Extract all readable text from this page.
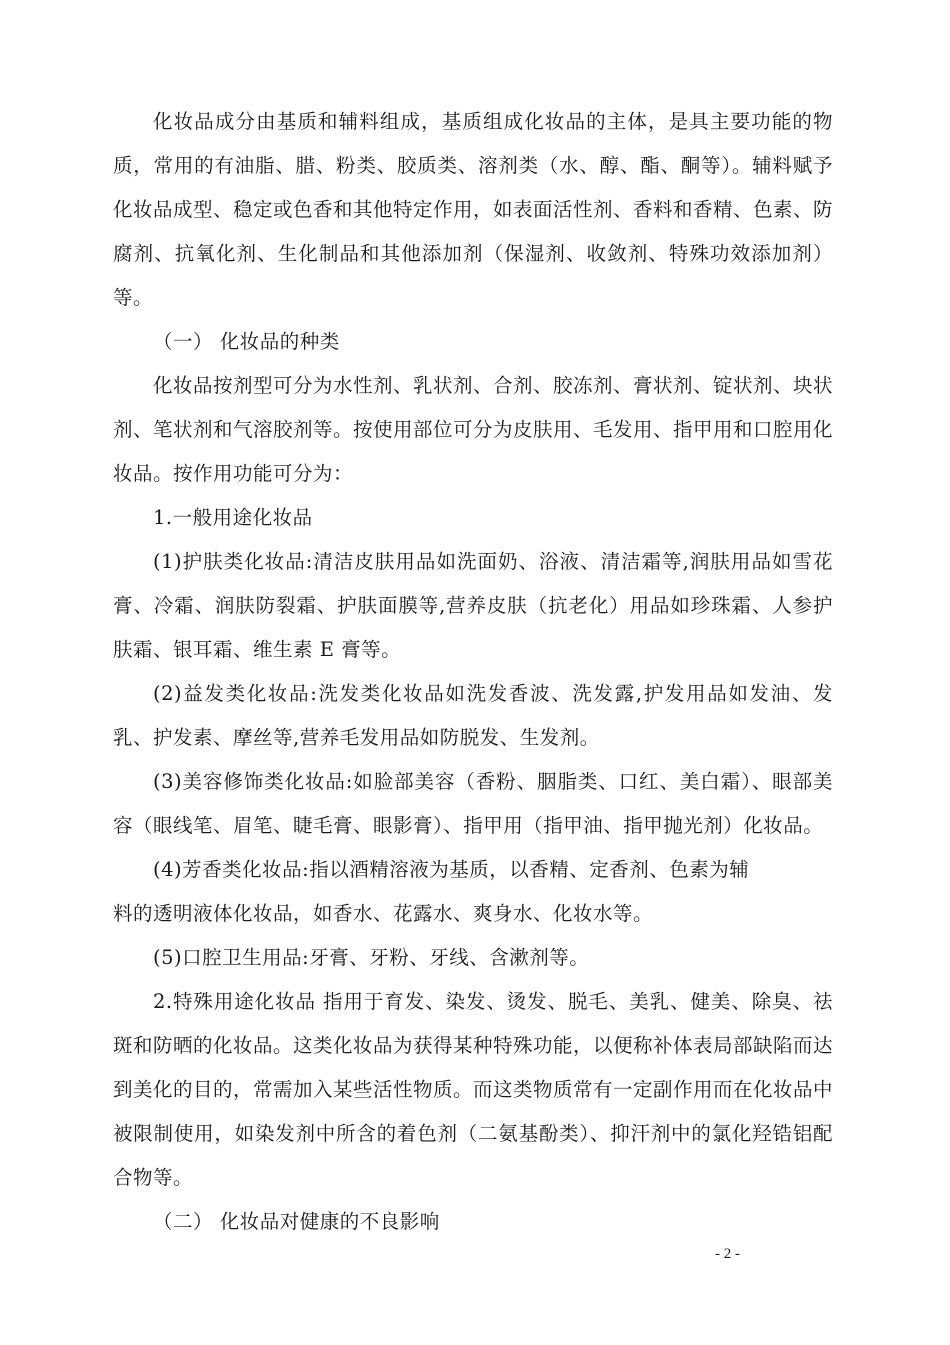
化妆品成分由基质和辅料组成，基质组成化妆品的主体，是具主要功能的物质，常用的有油脂、腊、粉类、胶质类、溶剂类（水、醇、酯、酮等）。辅料赋予化妆品成型、稳定或色香和其他特定作用，如表面活性剂、香料和香精、色素、防腐剂、抗氧化剂、生化制品和其他添加剂（保湿剂、收敛剂、特殊功效添加剂）等。

（一） 化妆品的种类

化妆品按剂型可分为水性剂、乳状剂、合剂、胶冻剂、膏状剂、锭状剂、块状剂、笔状剂和气溶胶剂等。按使用部位可分为皮肤用、毛发用、指甲用和口腔用化妆品。按作用功能可分为：

1.一般用途化妆品

(1)护肤类化妆品:清洁皮肤用品如洗面奶、浴液、清洁霜等,润肤用品如雪花膏、冷霜、润肤防裂霜、护肤面膜等,营养皮肤（抗老化）用品如珍珠霜、人参护肤霜、银耳霜、维生素 E 膏等。

(2)益发类化妆品:洗发类化妆品如洗发香波、洗发露,护发用品如发油、发乳、护发素、摩丝等,营养毛发用品如防脱发、生发剂。

(3)美容修饰类化妆品:如脸部美容（香粉、胭脂类、口红、美白霜）、眼部美容（眼线笔、眉笔、睫毛膏、眼影膏）、指甲用（指甲油、指甲抛光剂）化妆品。

(4)芳香类化妆品:指以酒精溶液为基质，以香精、定香剂、色素为辅

料的透明液体化妆品，如香水、花露水、爽身水、化妆水等。

(5)口腔卫生用品:牙膏、牙粉、牙线、含漱剂等。

2.特殊用途化妆品 指用于育发、染发、烫发、脱毛、美乳、健美、除臭、祛斑和防晒的化妆品。这类化妆品为获得某种特殊功能，以便称补体表局部缺陷而达到美化的目的，常需加入某些活性物质。而这类物质常有一定副作用而在化妆品中被限制使用，如染发剂中所含的着色剂（二氨基酚类）、抑汗剂中的氯化羟锆铝配合物等。

（二） 化妆品对健康的不良影响

- 2 -
